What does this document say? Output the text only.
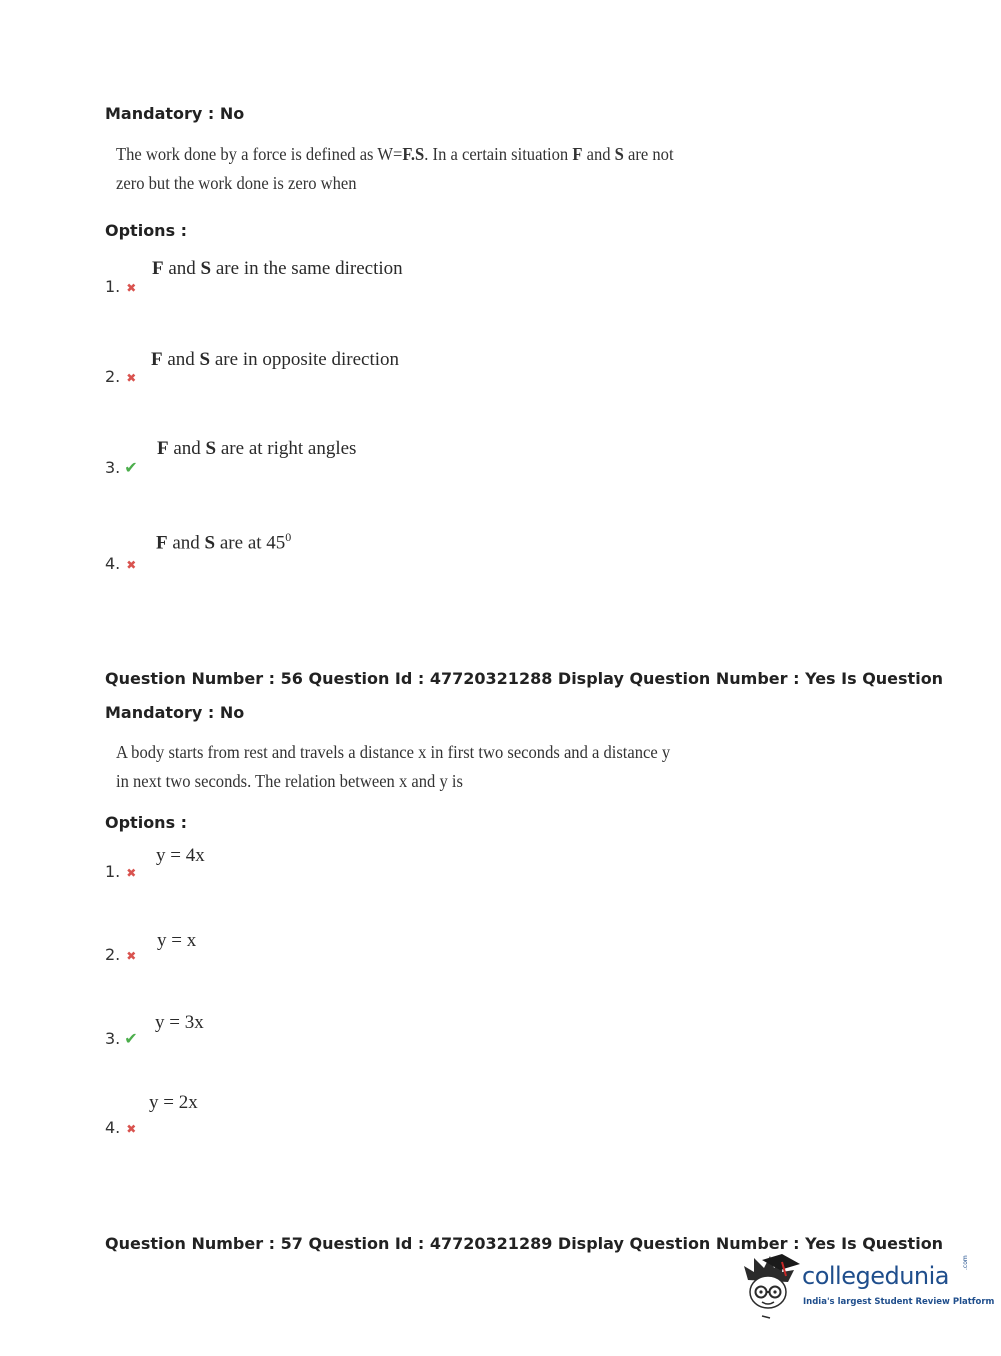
Mandatory : No
The work done by a force is defined as W=F.S. In a certain situation F and S are not
zero but the work done is zero when
Options :
F and S are in the same direction
1. ✖
F and S are in opposite direction
2. ✖
F and S are at right angles
3. ✔
F and S are at $45^0$
4. ✖
Question Number : 56 Question Id : 47720321288 Display Question Number : Yes Is Question
Mandatory : No
A body starts from rest and travels a distance x in first two seconds and a distance y
in next two seconds. The relation between x and y is
Options :
y = 4x
1. ✖
y = x
2. ✖
y = 3x
3. ✔
y = 2x
4. ✖
Question Number : 57 Question Id : 47720321289 Display Question Number : Yes Is Question
collegedunia .com
India's largest Student Review Platform
